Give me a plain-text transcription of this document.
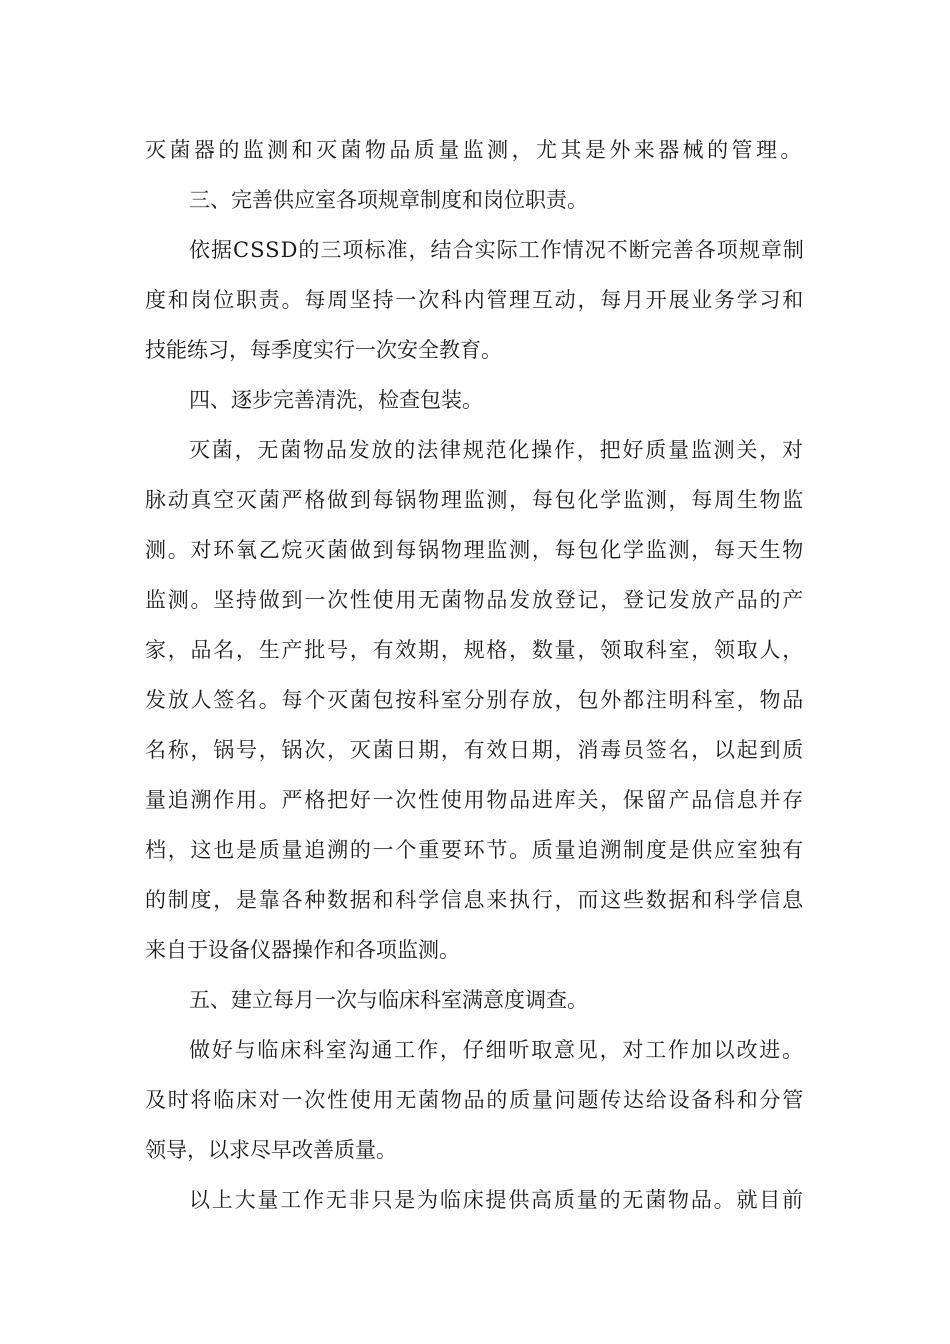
灭菌器的监测和灭菌物品质量监测，尤其是外来器械的管理。
三、完善供应室各项规章制度和岗位职责。
依据CSSD的三项标准，结合实际工作情况不断完善各项规章制
度和岗位职责。每周坚持一次科内管理互动，每月开展业务学习和
技能练习，每季度实行一次安全教育。
四、逐步完善清洗，检查包装。
灭菌，无菌物品发放的法律规范化操作，把好质量监测关，对
脉动真空灭菌严格做到每锅物理监测，每包化学监测，每周生物监
测。对环氧乙烷灭菌做到每锅物理监测，每包化学监测，每天生物
监测。坚持做到一次性使用无菌物品发放登记，登记发放产品的产
家，品名，生产批号，有效期，规格，数量，领取科室，领取人，
发放人签名。每个灭菌包按科室分别存放，包外都注明科室，物品
名称，锅号，锅次，灭菌日期，有效日期，消毒员签名，以起到质
量追溯作用。严格把好一次性使用物品进库关，保留产品信息并存
档，这也是质量追溯的一个重要环节。质量追溯制度是供应室独有
的制度，是靠各种数据和科学信息来执行，而这些数据和科学信息
来自于设备仪器操作和各项监测。
五、建立每月一次与临床科室满意度调查。
做好与临床科室沟通工作，仔细听取意见，对工作加以改进。
及时将临床对一次性使用无菌物品的质量问题传达给设备科和分管
领导，以求尽早改善质量。
以上大量工作无非只是为临床提供高质量的无菌物品。就目前
